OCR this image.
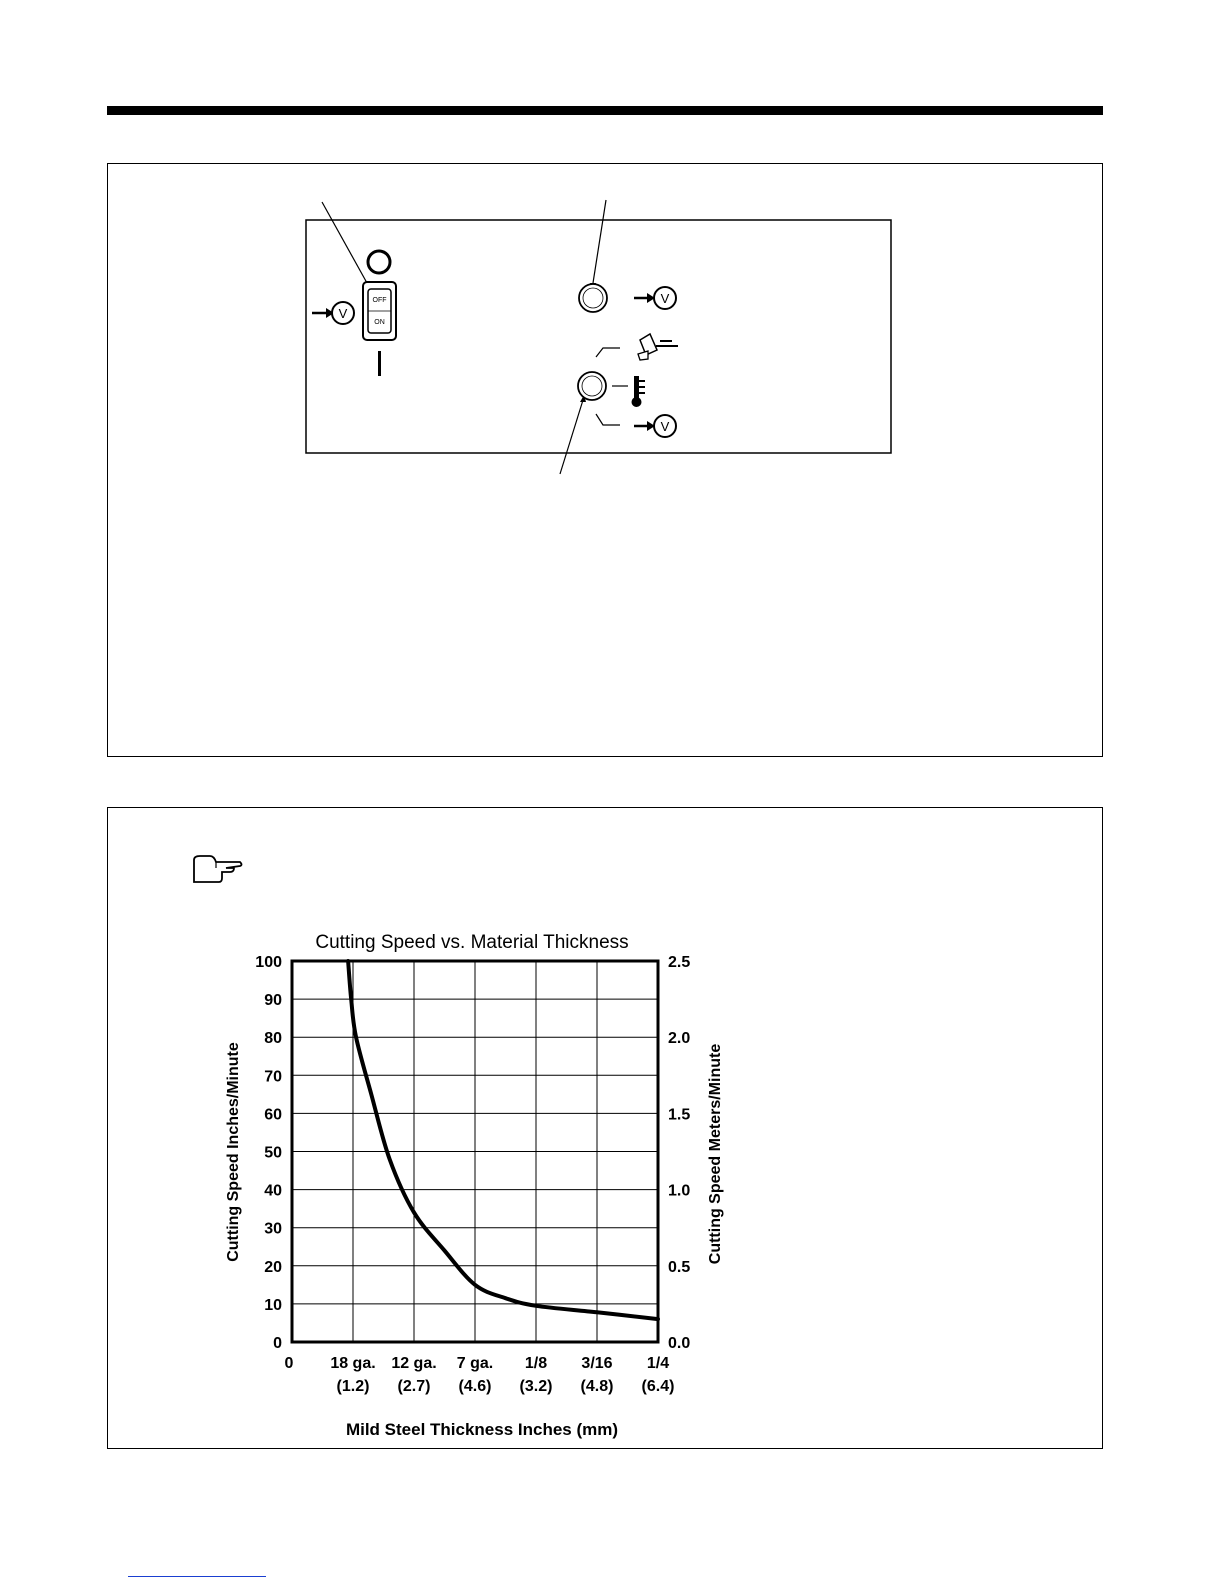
OFF
ON
V
V
V
Cutting Speed vs. Material Thickness
0
10
20
30
40
50
60
70
80
90
100
0.0
0.5
1.0
1.5
2.0
2.5
0 18 ga.
(1.2)
12 ga.
(2.7)
7 ga.
(4.6)
1/8
(3.2)
3/16
(4.8)
1/4
(6.4)
Cutting Speed Inches/Minute	Cutting Speed Meters/Minute
Mild Steel Thickness Inches (mm)
